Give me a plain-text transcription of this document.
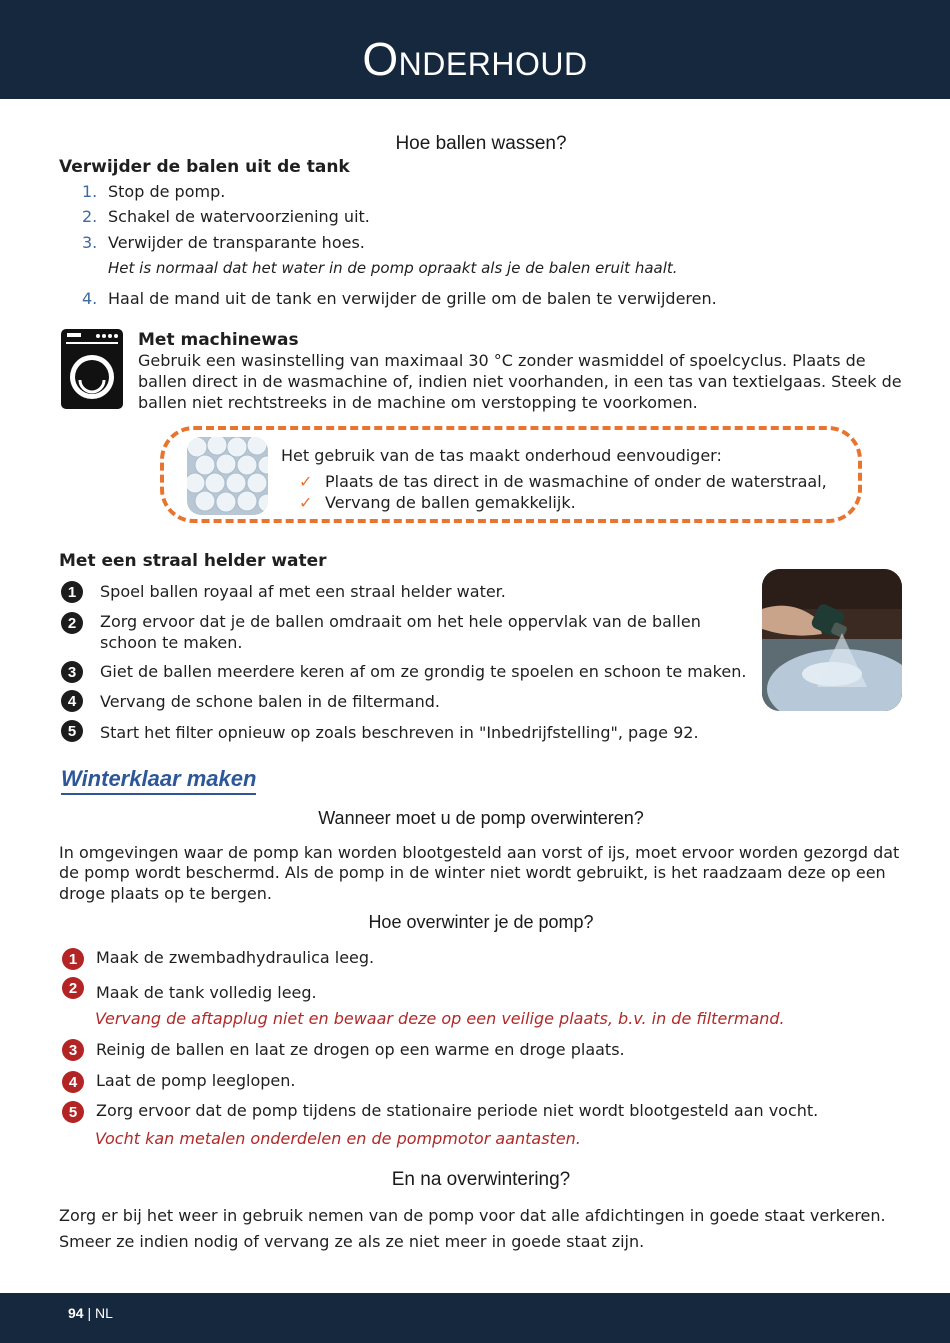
Onderhoud
Hoe ballen wassen?
Verwijder de balen uit de tank
1. Stop de pomp.
2. Schakel de watervoorziening uit.
3. Verwijder de transparante hoes.
Het is normaal dat het water in de pomp opraakt als je de balen eruit haalt.
4. Haal de mand uit de tank en verwijder de grille om de balen te verwijderen.
Met machinewas
Gebruik een wasinstelling van maximaal 30 °C zonder wasmiddel of spoelcyclus. Plaats de
ballen direct in de wasmachine of, indien niet voorhanden, in een tas van textielgaas. Steek de
ballen niet rechtstreeks in de machine om verstopping te voorkomen.
Het gebruik van de tas maakt onderhoud eenvoudiger:
✓ Plaats de tas direct in de wasmachine of onder de waterstraal,
✓ Vervang de ballen gemakkelijk.
Met een straal helder water
1	Spoel ballen royaal af met een straal helder water.
2	Zorg ervoor dat je de ballen omdraait om het hele oppervlak van de ballen
schoon te maken.
3	Giet de ballen meerdere keren af om ze grondig te spoelen en schoon te maken.
4	Vervang de schone balen in de filtermand.
5	Start het filter opnieuw op zoals beschreven in "Inbedrijfstelling", page 92.
Winterklaar maken
Wanneer moet u de pomp overwinteren?
In omgevingen waar de pomp kan worden blootgesteld aan vorst of ijs, moet ervoor worden gezorgd dat
de pomp wordt beschermd. Als de pomp in de winter niet wordt gebruikt, is het raadzaam deze op een
droge plaats op te bergen.
Hoe overwinter je de pomp?
1	Maak de zwembadhydraulica leeg.
2	Maak de tank volledig leeg.
Vervang de aftapplug niet en bewaar deze op een veilige plaats, b.v. in de filtermand.
3	Reinig de ballen en laat ze drogen op een warme en droge plaats.
4	Laat de pomp leeglopen.
5	Zorg ervoor dat de pomp tijdens de stationaire periode niet wordt blootgesteld aan vocht.
Vocht kan metalen onderdelen en de pompmotor aantasten.
En na overwintering?
Zorg er bij het weer in gebruik nemen van de pomp voor dat alle afdichtingen in goede staat verkeren.
Smeer ze indien nodig of vervang ze als ze niet meer in goede staat zijn.
94 | NL
